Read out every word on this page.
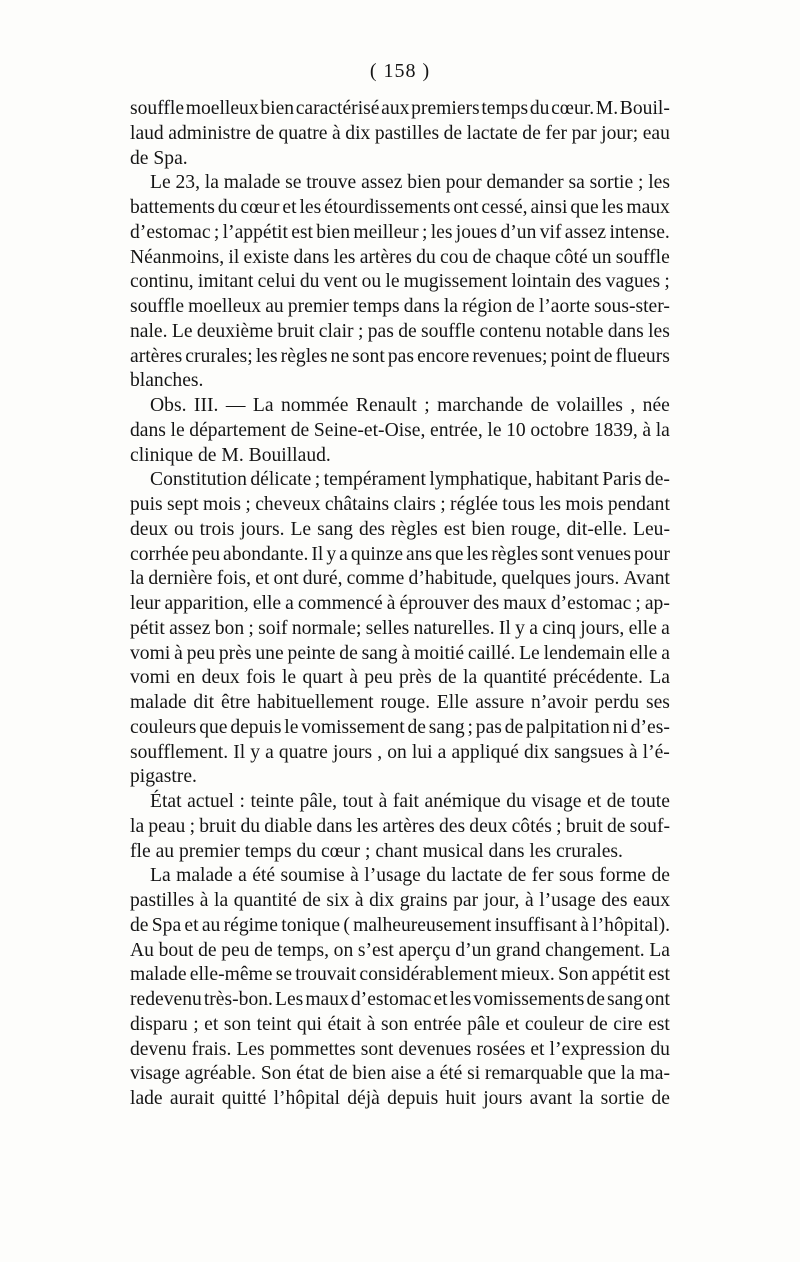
( 158 )
souffle moelleux bien caractérisé aux premiers temps du cœur. M. Bouil-
laud administre de quatre à dix pastilles de lactate de fer par jour; eau
de Spa.
Le 23, la malade se trouve assez bien pour demander sa sortie ; les
battements du cœur et les étourdissements ont cessé, ainsi que les maux
d’estomac ; l’appétit est bien meilleur ; les joues d’un vif assez intense.
Néanmoins, il existe dans les artères du cou de chaque côté un souffle
continu, imitant celui du vent ou le mugissement lointain des vagues ;
souffle moelleux au premier temps dans la région de l’aorte sous-ster-
nale. Le deuxième bruit clair ; pas de souffle contenu notable dans les
artères crurales; les règles ne sont pas encore revenues; point de flueurs
blanches.
Obs. III. — La nommée Renault ; marchande de volailles , née
dans le département de Seine-et-Oise, entrée, le 10 octobre 1839, à la
clinique de M. Bouillaud.
Constitution délicate ; tempérament lymphatique, habitant Paris de-
puis sept mois ; cheveux châtains clairs ; réglée tous les mois pendant
deux ou trois jours. Le sang des règles est bien rouge, dit-elle. Leu-
corrhée peu abondante. Il y a quinze ans que les règles sont venues pour
la dernière fois, et ont duré, comme d’habitude, quelques jours. Avant
leur apparition, elle a commencé à éprouver des maux d’estomac ; ap-
pétit assez bon ; soif normale; selles naturelles. Il y a cinq jours, elle a
vomi à peu près une peinte de sang à moitié caillé. Le lendemain elle a
vomi en deux fois le quart à peu près de la quantité précédente. La
malade dit être habituellement rouge. Elle assure n’avoir perdu ses
couleurs que depuis le vomissement de sang ; pas de palpitation ni d’es-
soufflement. Il y a quatre jours , on lui a appliqué dix sangsues à l’é-
pigastre.
État actuel : teinte pâle, tout à fait anémique du visage et de toute
la peau ; bruit du diable dans les artères des deux côtés ; bruit de souf-
fle au premier temps du cœur ; chant musical dans les crurales.
La malade a été soumise à l’usage du lactate de fer sous forme de
pastilles à la quantité de six à dix grains par jour, à l’usage des eaux
de Spa et au régime tonique ( malheureusement insuffisant à l’hôpital).
Au bout de peu de temps, on s’est aperçu d’un grand changement. La
malade elle-même se trouvait considérablement mieux. Son appétit est
redevenu très-bon. Les maux d’estomac et les vomissements de sang ont
disparu ; et son teint qui était à son entrée pâle et couleur de cire est
devenu frais. Les pommettes sont devenues rosées et l’expression du
visage agréable. Son état de bien aise a été si remarquable que la ma-
lade aurait quitté l’hôpital déjà depuis huit jours avant la sortie de
